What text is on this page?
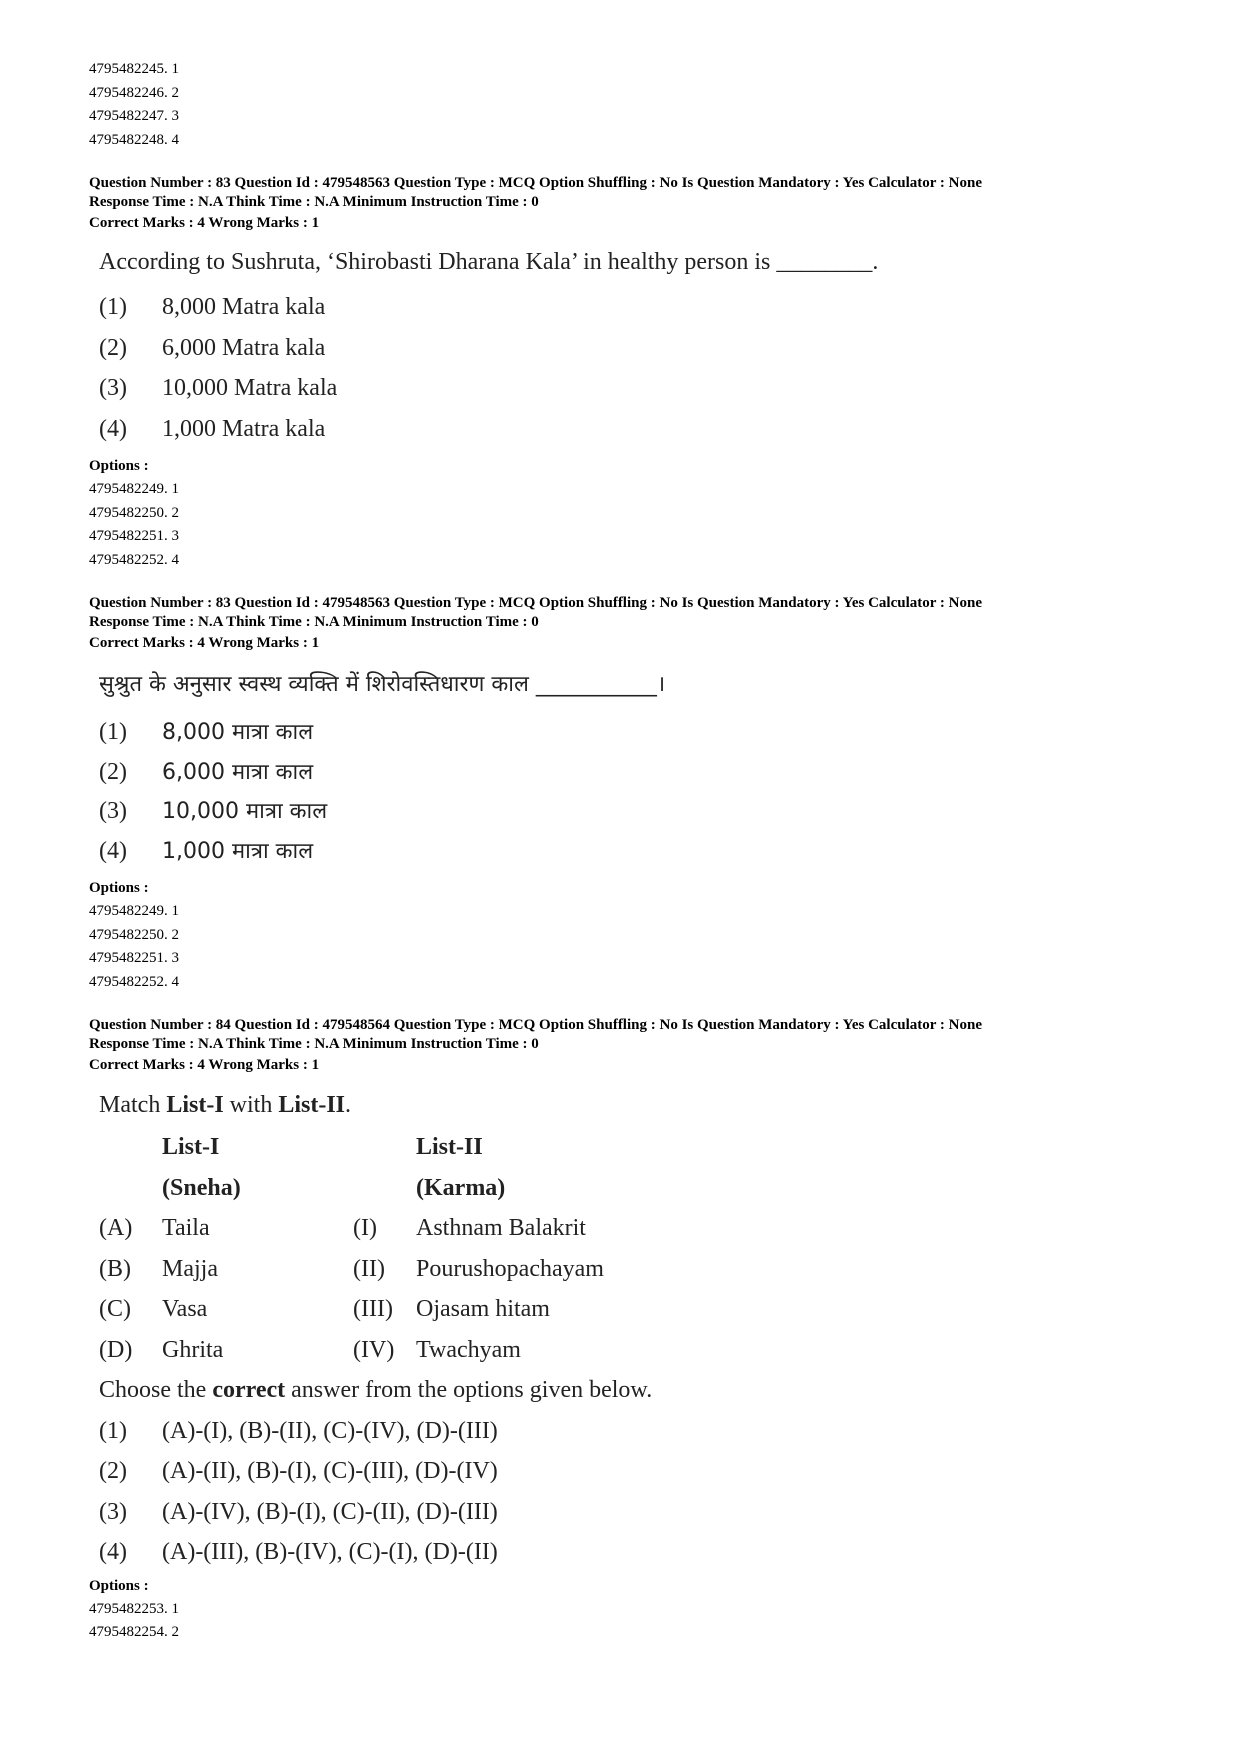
4795482245. 1
4795482246. 2
4795482247. 3
4795482248. 4
Question Number : 83 Question Id : 479548563 Question Type : MCQ Option Shuffling : No Is Question Mandatory : Yes Calculator : None
Response Time : N.A Think Time : N.A Minimum Instruction Time : 0
Correct Marks : 4 Wrong Marks : 1
According to Sushruta, ‘Shirobasti Dharana Kala’ in healthy person is ________.
(1)	8,000 Matra kala
(2)	6,000 Matra kala
(3)	10,000 Matra kala
(4)	1,000 Matra kala
Options :
4795482249. 1
4795482250. 2
4795482251. 3
4795482252. 4
Question Number : 83 Question Id : 479548563 Question Type : MCQ Option Shuffling : No Is Question Mandatory : Yes Calculator : None
Response Time : N.A Think Time : N.A Minimum Instruction Time : 0
Correct Marks : 4 Wrong Marks : 1
सुश्रुत के अनुसार स्वस्थ व्यक्ति में शिरोवस्तिधारण काल ___________।
(1)	8,000 मात्रा काल
(2)	6,000 मात्रा काल
(3)	10,000 मात्रा काल
(4)	1,000 मात्रा काल
Options :
4795482249. 1
4795482250. 2
4795482251. 3
4795482252. 4
Question Number : 84 Question Id : 479548564 Question Type : MCQ Option Shuffling : No Is Question Mandatory : Yes Calculator : None
Response Time : N.A Think Time : N.A Minimum Instruction Time : 0
Correct Marks : 4 Wrong Marks : 1
Match List-I with List-II.
List-I	List-II
(Sneha)	(Karma)
(A)	Taila	(I)	Asthnam Balakrit
(B)	Majja	(II)	Pourushopachayam
(C)	Vasa	(III) Ojasam hitam
(D)	Ghrita	(IV) Twachyam
Choose the
correct
answer from the options given below.
(1)	(A)-(I), (B)-(II), (C)-(IV), (D)-(III)
(2)	(A)-(II), (B)-(I), (C)-(III), (D)-(IV)
(3)	(A)-(IV), (B)-(I), (C)-(II), (D)-(III)
(4)	(A)-(III), (B)-(IV), (C)-(I), (D)-(II)
Options :
4795482253. 1
4795482254. 2
